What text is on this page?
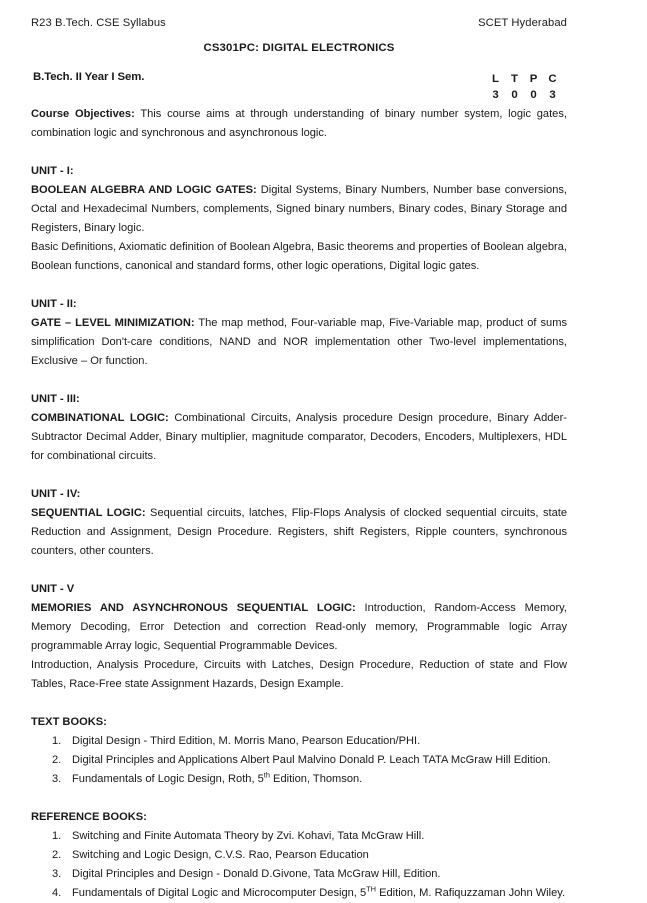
R23 B.Tech. CSE Syllabus	SCET Hyderabad
CS301PC: DIGITAL ELECTRONICS
B.Tech. II Year I Sem.	L	T	P C
3	0	0	3

Course Objectives: This course aims at through understanding of binary number system, logic gates, combination logic and synchronous and asynchronous logic.

UNIT - I:

BOOLEAN ALGEBRA AND LOGIC GATES: Digital Systems, Binary Numbers, Number base conversions, Octal and Hexadecimal Numbers, complements, Signed binary numbers, Binary codes, Binary Storage and Registers, Binary logic.

Basic Definitions, Axiomatic definition of Boolean Algebra, Basic theorems and properties of Boolean algebra, Boolean functions, canonical and standard forms, other logic operations, Digital logic gates.

UNIT - II:

GATE – LEVEL MINIMIZATION: The map method, Four-variable map, Five-Variable map, product of sums simplification Don't-care conditions, NAND and NOR implementation other Two-level implementations, Exclusive – Or function.

UNIT - III:

COMBINATIONAL LOGIC: Combinational Circuits, Analysis procedure Design procedure, Binary Adder-Subtractor Decimal Adder, Binary multiplier, magnitude comparator, Decoders, Encoders, Multiplexers, HDL for combinational circuits.

UNIT - IV:

SEQUENTIAL LOGIC: Sequential circuits, latches, Flip-Flops Analysis of clocked sequential circuits, state Reduction and Assignment, Design Procedure. Registers, shift Registers, Ripple counters, synchronous counters, other counters.

UNIT - V

MEMORIES AND ASYNCHRONOUS SEQUENTIAL LOGIC: Introduction, Random-Access Memory, Memory Decoding, Error Detection and correction Read-only memory, Programmable logic Array programmable Array logic, Sequential Programmable Devices.

Introduction, Analysis Procedure, Circuits with Latches, Design Procedure, Reduction of state and Flow Tables, Race-Free state Assignment Hazards, Design Example.

TEXT BOOKS:
1. Digital Design - Third Edition, M. Morris Mano, Pearson Education/PHI.
2. Digital Principles and Applications Albert Paul Malvino Donald P. Leach TATA McGraw Hill Edition.
3. Fundamentals of Logic Design, Roth, 5th Edition, Thomson.
REFERENCE BOOKS:
1. Switching and Finite Automata Theory by Zvi. Kohavi, Tata McGraw Hill.
2. Switching and Logic Design, C.V.S. Rao, Pearson Education
3. Digital Principles and Design - Donald D.Givone, Tata McGraw Hill, Edition.
4. Fundamentals of Digital Logic and Microcomputer Design, 5TH Edition, M. Rafiquzzaman John Wiley.
